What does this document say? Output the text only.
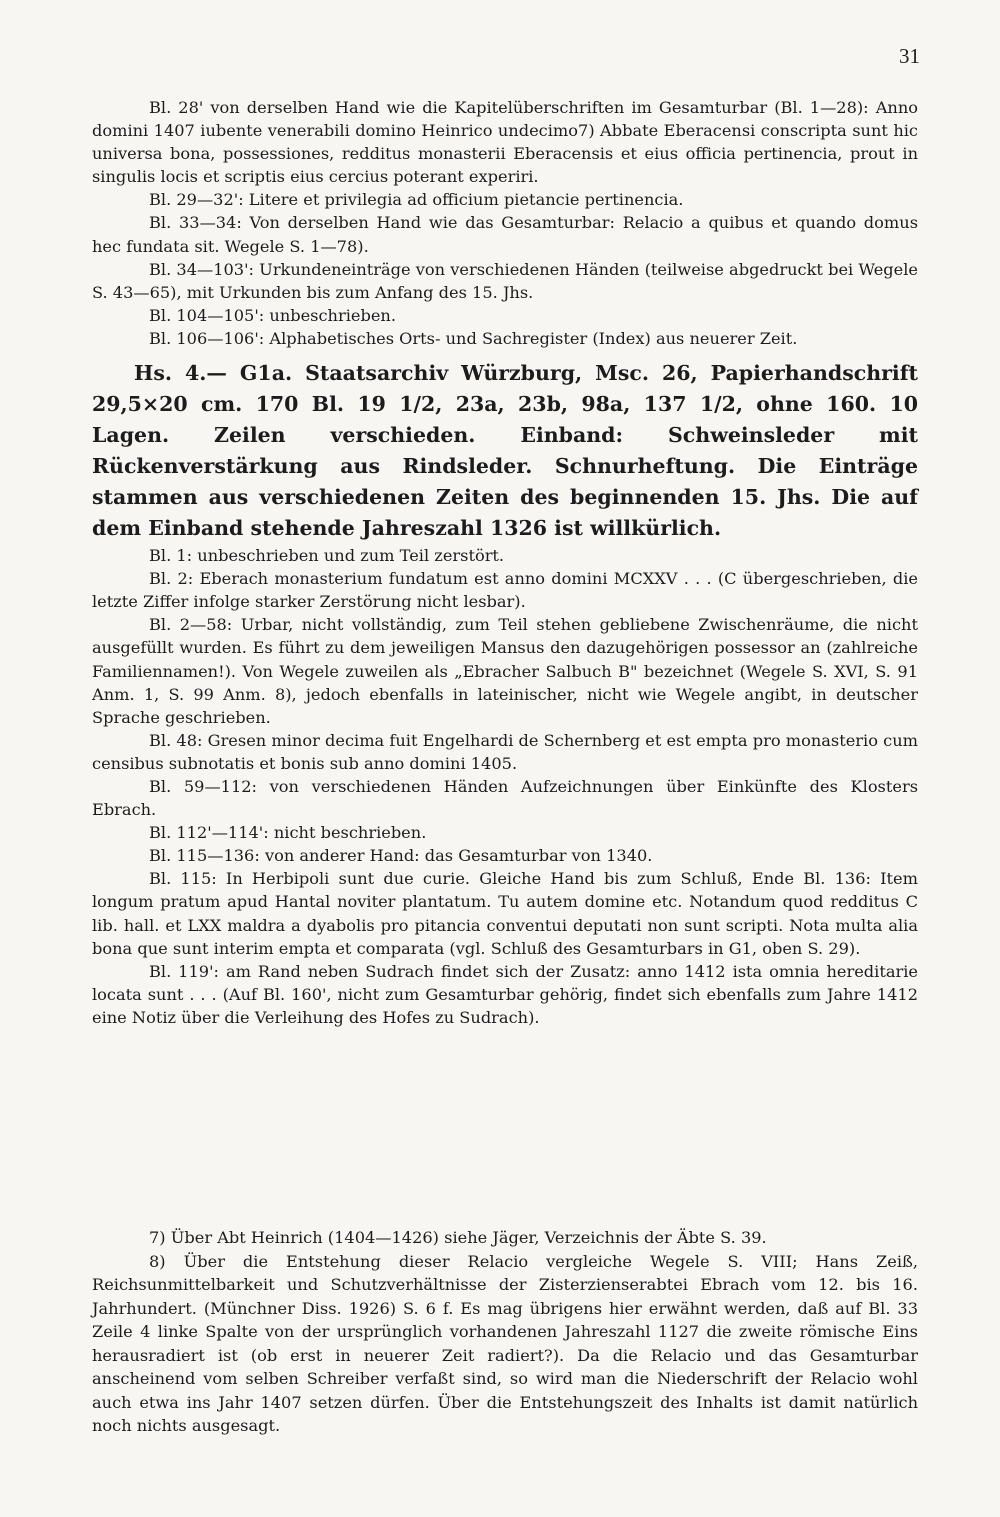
31

Bl. 28' von derselben Hand wie die Kapitelüberschriften im Gesamturbar (Bl. 1—28): Anno domini 1407 iubente venerabili domino Heinrico undecimo7) Abbate Eberacensi conscripta sunt hic universa bona, possessiones, redditus monasterii Eberacensis et eius officia pertinencia, prout in singulis locis et scriptis eius cercius poterant experiri.

Bl. 29—32': Litere et privilegia ad officium pietancie pertinencia.

Bl. 33—34: Von derselben Hand wie das Gesamturbar: Relacio a quibus et quando domus hec fundata sit. Wegele S. 1—78).

Bl. 34—103': Urkundeneinträge von verschiedenen Händen (teilweise abgedruckt bei Wegele S. 43—65), mit Urkunden bis zum Anfang des 15. Jhs.

Bl. 104—105': unbeschrieben.

Bl. 106—106': Alphabetisches Orts- und Sachregister (Index) aus neuerer Zeit.

Hs. 4.— G1a. Staatsarchiv Würzburg, Msc. 26, Papierhandschrift 29,5×20 cm. 170 Bl. 19 1/2, 23a, 23b, 98a, 137 1/2, ohne 160. 10 Lagen. Zeilen verschieden. Einband: Schweinsleder mit Rückenverstärkung aus Rindsleder. Schnurheftung. Die Einträge stammen aus verschiedenen Zeiten des beginnenden 15. Jhs. Die auf dem Einband stehende Jahreszahl 1326 ist willkürlich.

Bl. 1: unbeschrieben und zum Teil zerstört.

Bl. 2: Eberach monasterium fundatum est anno domini MCXXV . . . (C übergeschrieben, die letzte Ziffer infolge starker Zerstörung nicht lesbar).

Bl. 2—58: Urbar, nicht vollständig, zum Teil stehen gebliebene Zwischenräume, die nicht ausgefüllt wurden. Es führt zu dem jeweiligen Mansus den dazugehörigen possessor an (zahlreiche Familiennamen!). Von Wegele zuweilen als „Ebracher Salbuch B" bezeichnet (Wegele S. XVI, S. 91 Anm. 1, S. 99 Anm. 8), jedoch ebenfalls in lateinischer, nicht wie Wegele angibt, in deutscher Sprache geschrieben.

Bl. 48: Gresen minor decima fuit Engelhardi de Schernberg et est empta pro monasterio cum censibus subnotatis et bonis sub anno domini 1405.

Bl. 59—112: von verschiedenen Händen Aufzeichnungen über Einkünfte des Klosters Ebrach.

Bl. 112'—114': nicht beschrieben.

Bl. 115—136: von anderer Hand: das Gesamturbar von 1340.

Bl. 115: In Herbipoli sunt due curie. Gleiche Hand bis zum Schluß, Ende Bl. 136: Item longum pratum apud Hantal noviter plantatum. Tu autem domine etc. Notandum quod redditus C lib. hall. et LXX maldra a dyabolis pro pitancia conventui deputati non sunt scripti. Nota multa alia bona que sunt interim empta et comparata (vgl. Schluß des Gesamturbars in G1, oben S. 29).

Bl. 119': am Rand neben Sudrach findet sich der Zusatz: anno 1412 ista omnia hereditarie locata sunt . . . (Auf Bl. 160', nicht zum Gesamturbar gehörig, findet sich ebenfalls zum Jahre 1412 eine Notiz über die Verleihung des Hofes zu Sudrach).

7) Über Abt Heinrich (1404—1426) siehe Jäger, Verzeichnis der Äbte S. 39.

8) Über die Entstehung dieser Relacio vergleiche Wegele S. VIII; Hans Zeiß, Reichsunmittelbarkeit und Schutzverhältnisse der Zisterzienserabtei Ebrach vom 12. bis 16. Jahrhundert. (Münchner Diss. 1926) S. 6 f. Es mag übrigens hier erwähnt werden, daß auf Bl. 33 Zeile 4 linke Spalte von der ursprünglich vorhandenen Jahreszahl 1127 die zweite römische Eins herausradiert ist (ob erst in neuerer Zeit radiert?). Da die Relacio und das Gesamturbar anscheinend vom selben Schreiber verfaßt sind, so wird man die Niederschrift der Relacio wohl auch etwa ins Jahr 1407 setzen dürfen. Über die Entstehungszeit des Inhalts ist damit natürlich noch nichts ausgesagt.
